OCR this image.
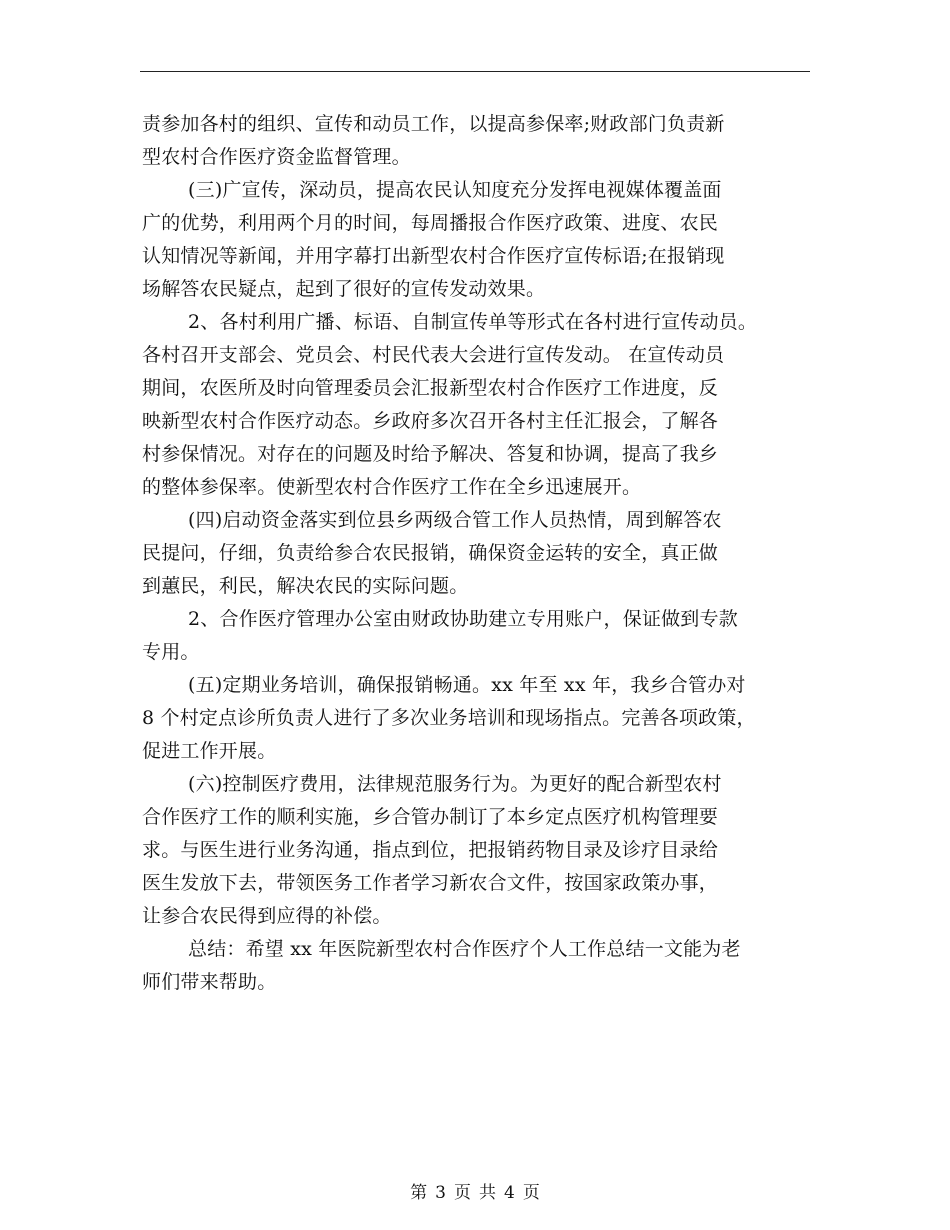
责参加各村的组织、宣传和动员工作，以提高参保率;财政部门负责新
型农村合作医疗资金监督管理。
(三)广宣传，深动员，提高农民认知度充分发挥电视媒体覆盖面
广的优势，利用两个月的时间，每周播报合作医疗政策、进度、农民
认知情况等新闻，并用字幕打出新型农村合作医疗宣传标语;在报销现
场解答农民疑点，起到了很好的宣传发动效果。
2、各村利用广播、标语、自制宣传单等形式在各村进行宣传动员。
各村召开支部会、党员会、村民代表大会进行宣传发动。 在宣传动员
期间，农医所及时向管理委员会汇报新型农村合作医疗工作进度，反
映新型农村合作医疗动态。乡政府多次召开各村主任汇报会，了解各
村参保情况。对存在的问题及时给予解决、答复和协调，提高了我乡
的整体参保率。使新型农村合作医疗工作在全乡迅速展开。
(四)启动资金落实到位县乡两级合管工作人员热情，周到解答农
民提问，仔细，负责给参合农民报销，确保资金运转的安全，真正做
到蕙民，利民，解决农民的实际问题。
2、合作医疗管理办公室由财政协助建立专用账户，保证做到专款
专用。
(五)定期业务培训，确保报销畅通。xx 年至 xx 年，我乡合管办对
8 个村定点诊所负责人进行了多次业务培训和现场指点。完善各项政策，
促进工作开展。
(六)控制医疗费用，法律规范服务行为。为更好的配合新型农村
合作医疗工作的顺利实施，乡合管办制订了本乡定点医疗机构管理要
求。与医生进行业务沟通，指点到位，把报销药物目录及诊疗目录给
医生发放下去，带领医务工作者学习新农合文件，按国家政策办事，
让参合农民得到应得的补偿。
总结：希望 xx 年医院新型农村合作医疗个人工作总结一文能为老
师们带来帮助。
第 3 页 共 4 页
